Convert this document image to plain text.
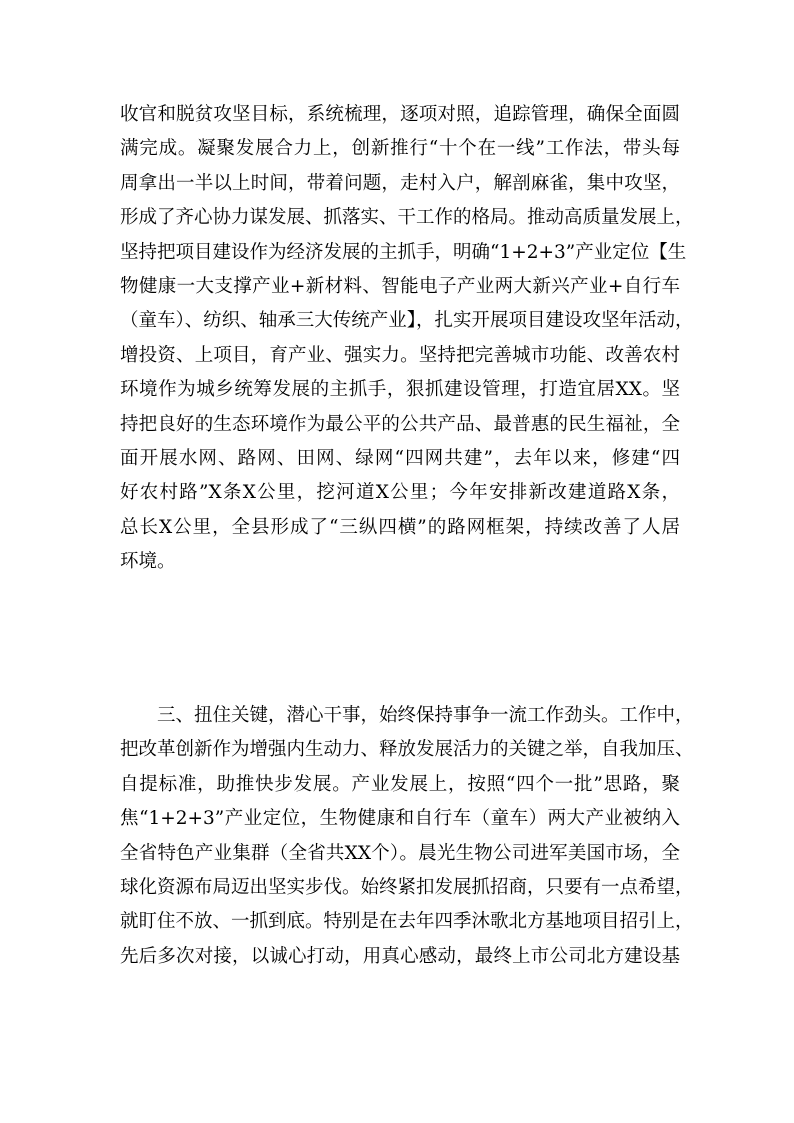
收官和脱贫攻坚目标，系统梳理，逐项对照，追踪管理，确保全面圆
满完成。凝聚发展合力上，创新推行“十个在一线”工作法，带头每
周拿出一半以上时间，带着问题，走村入户，解剖麻雀，集中攻坚，
形成了齐心协力谋发展、抓落实、干工作的格局。推动高质量发展上，
坚持把项目建设作为经济发展的主抓手，明确“1+2+3”产业定位【生
物健康一大支撑产业+新材料、智能电子产业两大新兴产业+自行车
（童车）、纺织、轴承三大传统产业】，扎实开展项目建设攻坚年活动，
增投资、上项目，育产业、强实力。坚持把完善城市功能、改善农村
环境作为城乡统筹发展的主抓手，狠抓建设管理，打造宜居XX。坚
持把良好的生态环境作为最公平的公共产品、最普惠的民生福祉，全
面开展水网、路网、田网、绿网“四网共建”，去年以来，修建“四
好农村路”X条X公里，挖河道X公里；今年安排新改建道路X条，
总长X公里，全县形成了“三纵四横”的路网框架，持续改善了人居
环境。
　　三、扭住关键，潜心干事，始终保持事争一流工作劲头。工作中，
把改革创新作为增强内生动力、释放发展活力的关键之举，自我加压、
自提标准，助推快步发展。产业发展上，按照“四个一批”思路，聚
焦“1+2+3”产业定位，生物健康和自行车（童车）两大产业被纳入
全省特色产业集群（全省共XX个）。晨光生物公司进军美国市场，全
球化资源布局迈出坚实步伐。始终紧扣发展抓招商，只要有一点希望，
就盯住不放、一抓到底。特别是在去年四季沐歌北方基地项目招引上，
先后多次对接，以诚心打动，用真心感动，最终上市公司北方建设基
